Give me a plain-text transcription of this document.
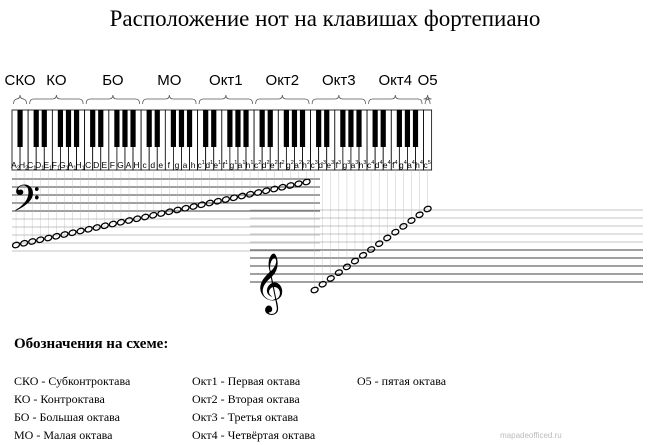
Расположение нот на клавишах фортепиано
A2 H2
C1
D1 E1 F1 G1
A1 H1 C D E F G A H c d e f g a h $c^1$ $d^1$ $e^1$ $f^1$ $g^1$ $a^1$ $h^1$ $c^2$ $d^2$ $e^2$ $f^2$ $g^2$ $a^2$ $h^2$ $c^3$ $d^3$ $e^3$ $f^3$ $g^3$ $a^3$ $h^3$ $c^4$ $d^4$ $e^4$ $f^4$ $g^4$ $a^4$ $h^4$ $c^5$
𝄢
𝄞
СКО КО БО МО Окт1 Окт2 Окт3 Окт4 О5
Обозначения на схеме:
СКО - Субконтроктава
КО - Контроктава
БО - Большая октава
МО - Малая октава
Окт1 - Первая октава
Окт2 - Вторая октава
Окт3 - Третья октава
Окт4 - Четвёртая октава
О5 - пятая октава
mapadeofficed.ru
